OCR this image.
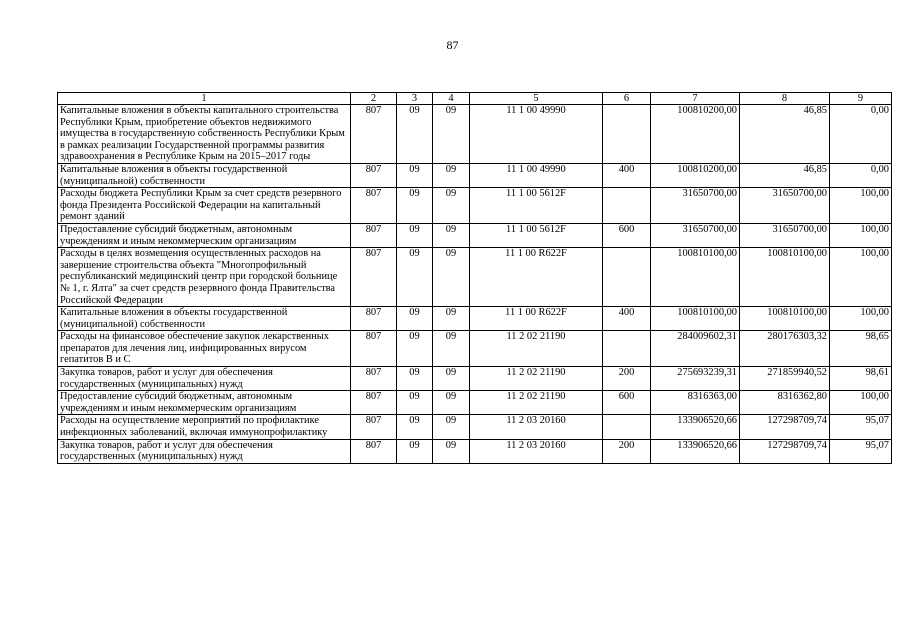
87
1	2	3	4	5	6	7	8	9
Капитальные вложения в объекты капитального строительства Республики Крым, приобретение объектов недвижимого имущества в государственную собственность Республики Крым в рамках реализации Государственной программы развития здравоохранения в Республике Крым на 2015–2017 годы	807	09	09	11 1 00 49990		100810200,00	46,85	0,00
Капитальные вложения в объекты государственной (муниципальной) собственности	807	09	09	11 1 00 49990	400	100810200,00	46,85	0,00
Расходы бюджета Республики Крым за счет средств резервного фонда Президента Российской Федерации на капитальный ремонт зданий	807	09	09	11 1 00 5612F		31650700,00	31650700,00	100,00
Предоставление субсидий бюджетным, автономным учреждениям и иным некоммерческим организациям	807	09	09	11 1 00 5612F	600	31650700,00	31650700,00	100,00
Расходы в целях возмещения осуществленных расходов на завершение строительства объекта "Многопрофильный республиканский медицинский центр при городской больнице № 1, г. Ялта" за счет средств резервного фонда Правительства Российской Федерации	807	09	09	11 1 00 R622F		100810100,00	100810100,00	100,00
Капитальные вложения в объекты государственной (муниципальной) собственности	807	09	09	11 1 00 R622F	400	100810100,00	100810100,00	100,00
Расходы на финансовое обеспечение закупок лекарственных препаратов для лечения лиц, инфицированных вирусом гепатитов В и С	807	09	09	11 2 02 21190		284009602,31	280176303,32	98,65
Закупка товаров, работ и услуг для обеспечения государственных (муниципальных) нужд	807	09	09	11 2 02 21190	200	275693239,31	271859940,52	98,61
Предоставление субсидий бюджетным, автономным учреждениям и иным некоммерческим организациям	807	09	09	11 2 02 21190	600	8316363,00	8316362,80	100,00
Расходы на осуществление мероприятий по профилактике инфекционных заболеваний, включая иммунопрофилактику	807	09	09	11 2 03 20160		133906520,66	127298709,74	95,07
Закупка товаров, работ и услуг для обеспечения государственных (муниципальных) нужд	807	09	09	11 2 03 20160	200	133906520,66	127298709,74	95,07
